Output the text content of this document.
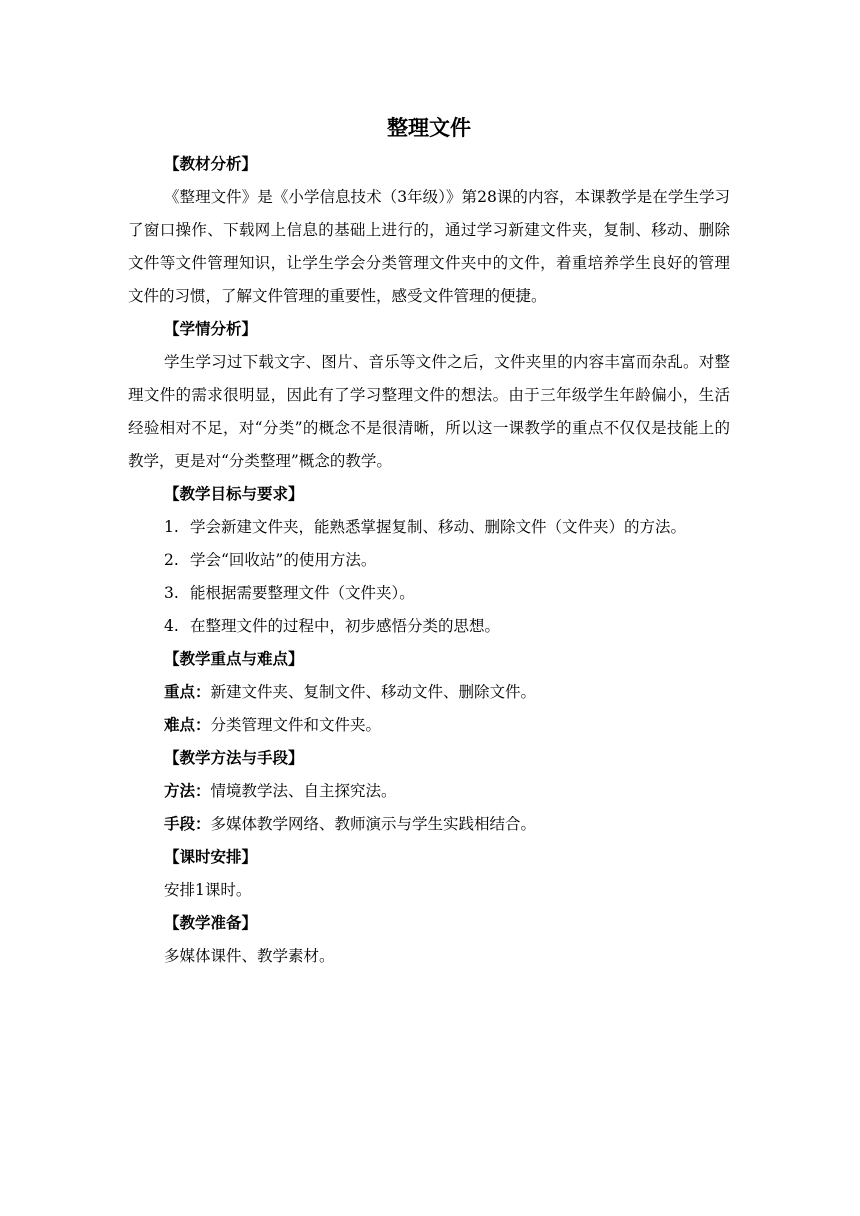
整理文件
【教材分析】

《整理文件》是《小学信息技术（3年级）》第28课的内容，本课教学是在学生学习了窗口操作、下载网上信息的基础上进行的，通过学习新建文件夹，复制、移动、删除文件等文件管理知识，让学生学会分类管理文件夹中的文件，着重培养学生良好的管理文件的习惯，了解文件管理的重要性，感受文件管理的便捷。

【学情分析】

学生学习过下载文字、图片、音乐等文件之后，文件夹里的内容丰富而杂乱。对整理文件的需求很明显，因此有了学习整理文件的想法。由于三年级学生年龄偏小，生活经验相对不足，对“分类”的概念不是很清晰，所以这一课教学的重点不仅仅是技能上的教学，更是对“分类整理”概念的教学。

【教学目标与要求】
1. 学会新建文件夹，能熟悉掌握复制、移动、删除文件（文件夹）的方法。
2. 学会“回收站”的使用方法。
3. 能根据需要整理文件（文件夹）。
4. 在整理文件的过程中，初步感悟分类的思想。
【教学重点与难点】
重点：新建文件夹、复制文件、移动文件、删除文件。
难点：分类管理文件和文件夹。
【教学方法与手段】
方法：情境教学法、自主探究法。
手段：多媒体教学网络、教师演示与学生实践相结合。
【课时安排】
安排1课时。
【教学准备】
多媒体课件、教学素材。
